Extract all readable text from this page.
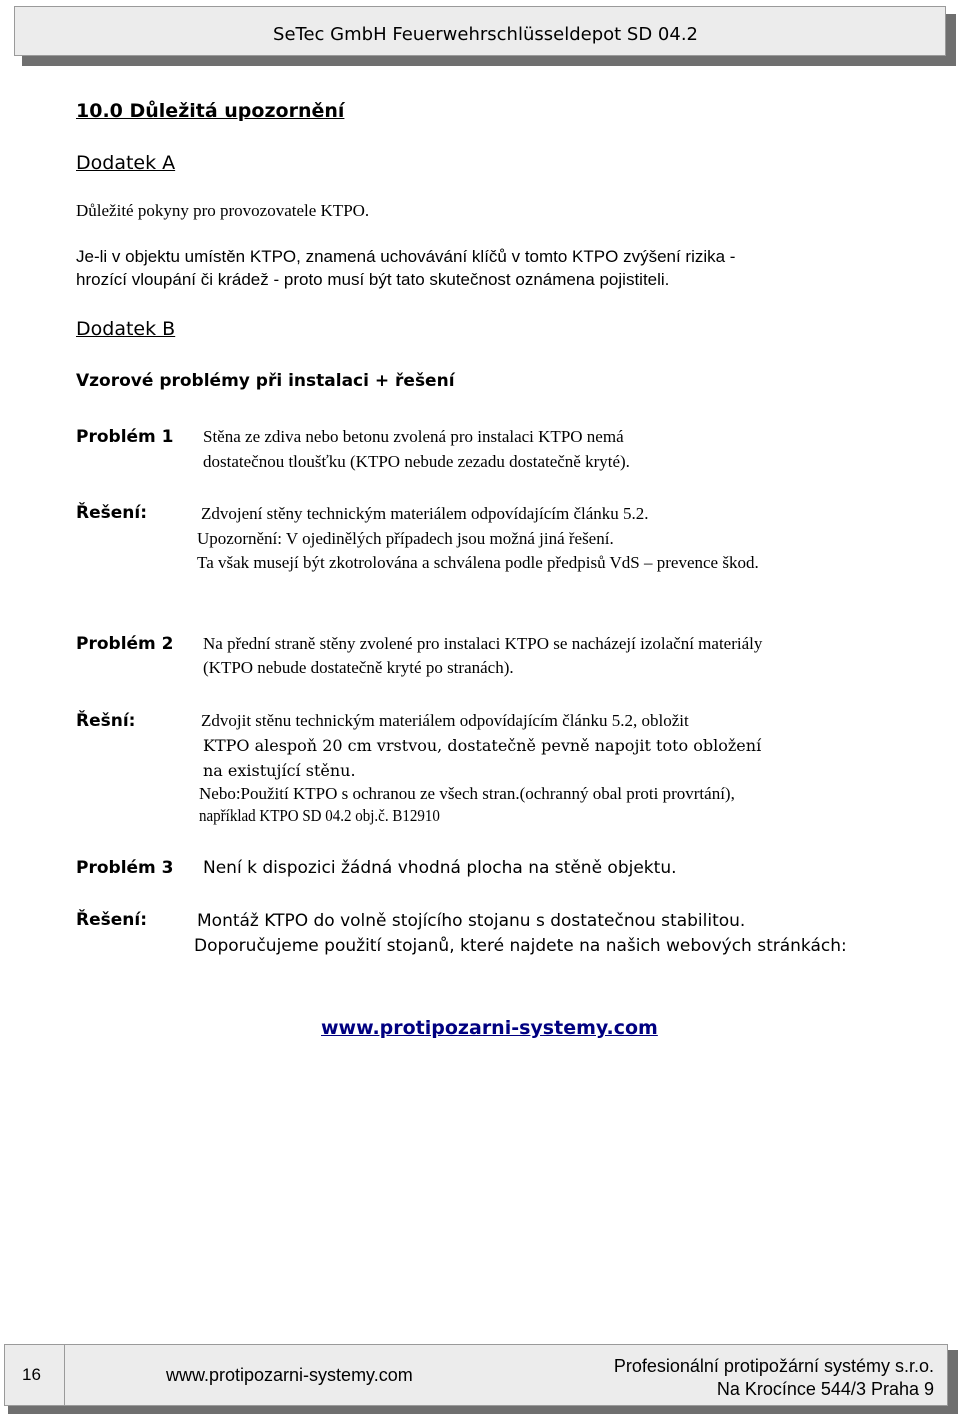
SeTec GmbH Feuerwehrschlüsseldepot SD 04.2
10.0 Důležitá upozornění
Dodatek A
Důležité pokyny pro provozovatele KTPO.
Je-li v objektu umístěn KTPO, znamená uchovávání klíčů v tomto KTPO zvýšení rizika -
hrozící vloupání či krádež - proto musí být tato skutečnost oznámena pojistiteli.
Dodatek B
Vzorové problémy při instalaci + řešení
Problém 1 Stěna ze zdiva nebo betonu zvolená pro instalaci KTPO nemá
dostatečnou tloušťku (KTPO nebude zezadu dostatečně kryté).
Řešení:	Zdvojení stěny technickým materiálem odpovídajícím článku 5.2.
Upozornění: V ojedinělých případech jsou možná jiná řešení.
Ta však musejí být zkotrolována a schválena podle předpisů VdS – prevence škod.
Problém 2 Na přední straně stěny zvolené pro instalaci KTPO se nacházejí izolační materiály
(KTPO nebude dostatečně kryté po stranách).
Řešní:	Zdvojit stěnu technickým materiálem odpovídajícím článku 5.2, obložit
KTPO alespoň 20 cm vrstvou, dostatečně pevně napojit toto obložení
na existující stěnu.
Nebo:Použití KTPO s ochranou ze všech stran.(ochranný obal proti provrtání),
například KTPO SD 04.2 obj.č. B12910
Problém 3 Není k dispozici žádná vhodná plocha na stěně objektu.
Řešení:	Montáž KTPO do volně stojícího stojanu s dostatečnou stabilitou.
Doporučujeme použití stojanů, které najdete na našich webových stránkách:
www.protipozarni-systemy.com
16	www.protipozarni-systemy.com	Profesionální protipožární systémy s.r.o.
Na Krocínce 544/3 Praha 9
